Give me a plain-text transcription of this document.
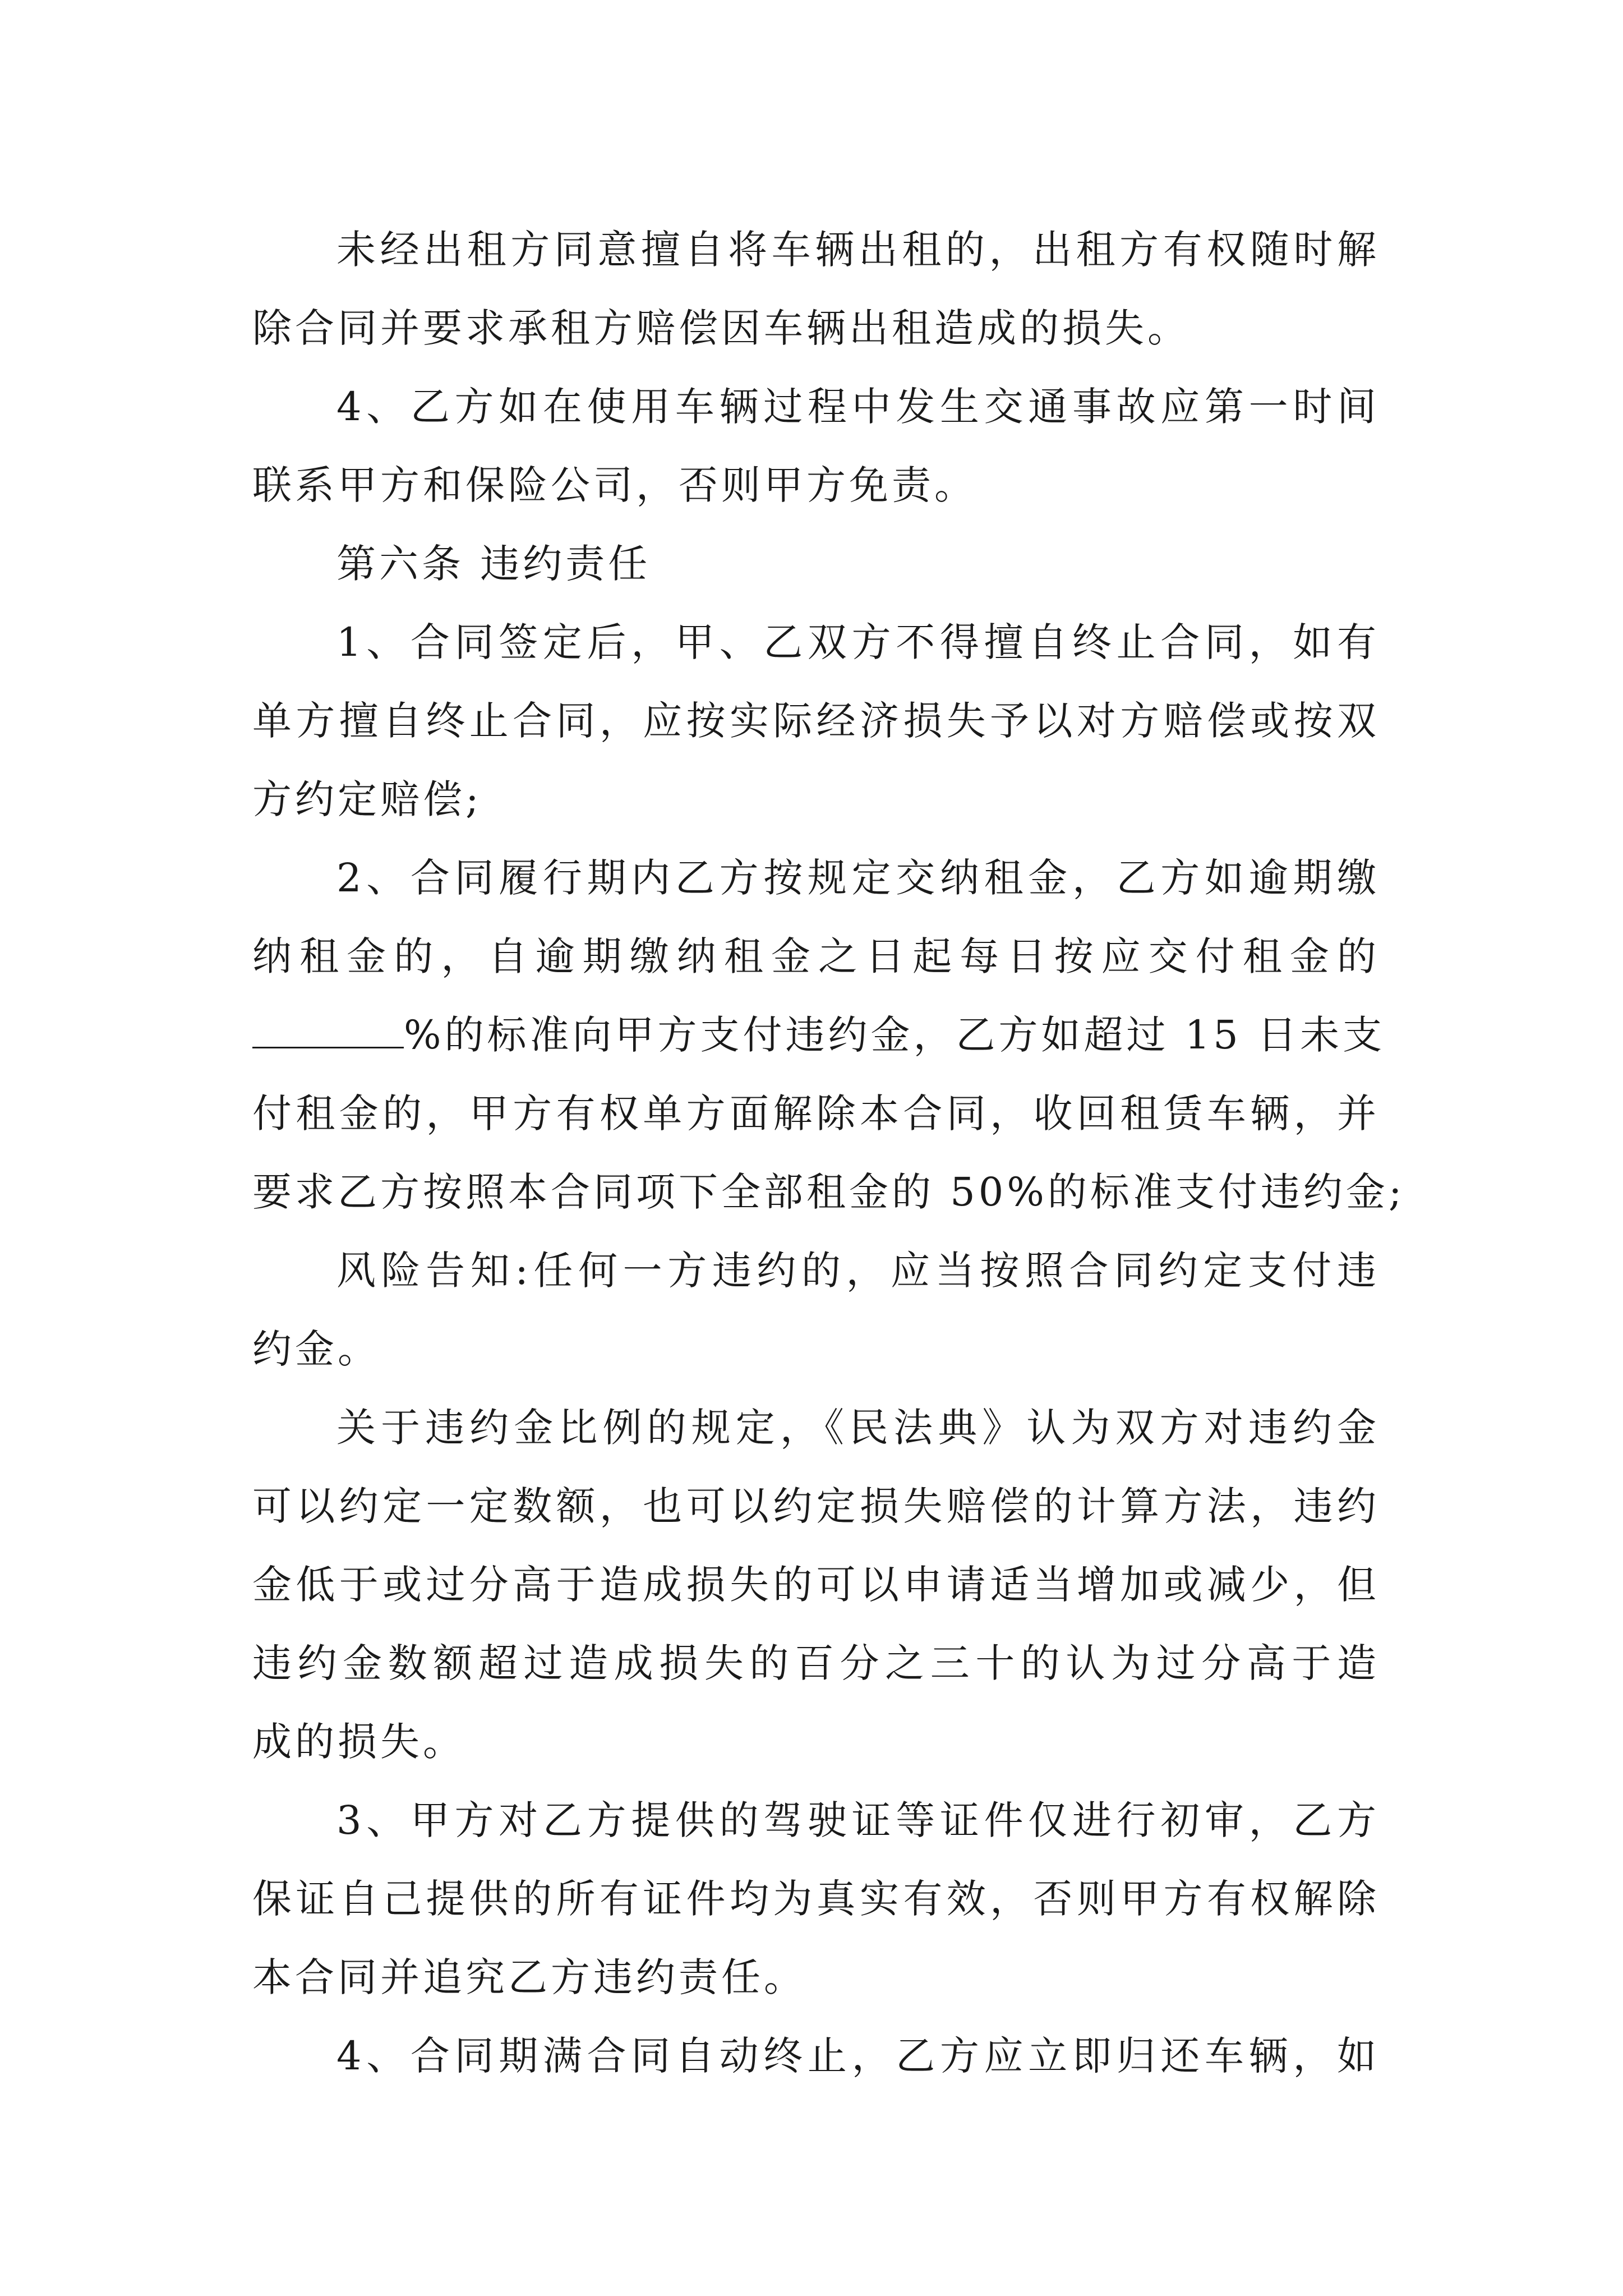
未经出租方同意擅自将车辆出租的，出租方有权随时解
除合同并要求承租方赔偿因车辆出租造成的损失。

4、乙方如在使用车辆过程中发生交通事故应第一时间
联系甲方和保险公司，否则甲方免责。

第六条 违约责任

1、合同签定后，甲、乙双方不得擅自终止合同，如有
单方擅自终止合同，应按实际经济损失予以对方赔偿或按双
方约定赔偿;

2、合同履行期内乙方按规定交纳租金，乙方如逾期缴
纳租金的，自逾期缴纳租金之日起每日按应交付租金的
%的标准向甲方支付违约金，乙方如超过 15 日未支
付租金的，甲方有权单方面解除本合同，收回租赁车辆，并
要求乙方按照本合同项下全部租金的 50%的标准支付违约金;

风险告知:任何一方违约的，应当按照合同约定支付违
约金。

关于违约金比例的规定，《民法典》认为双方对违约金
可以约定一定数额，也可以约定损失赔偿的计算方法，违约
金低于或过分高于造成损失的可以申请适当增加或减少，但
违约金数额超过造成损失的百分之三十的认为过分高于造
成的损失。

3、甲方对乙方提供的驾驶证等证件仅进行初审，乙方
保证自己提供的所有证件均为真实有效，否则甲方有权解除
本合同并追究乙方违约责任。

4、合同期满合同自动终止，乙方应立即归还车辆，如
